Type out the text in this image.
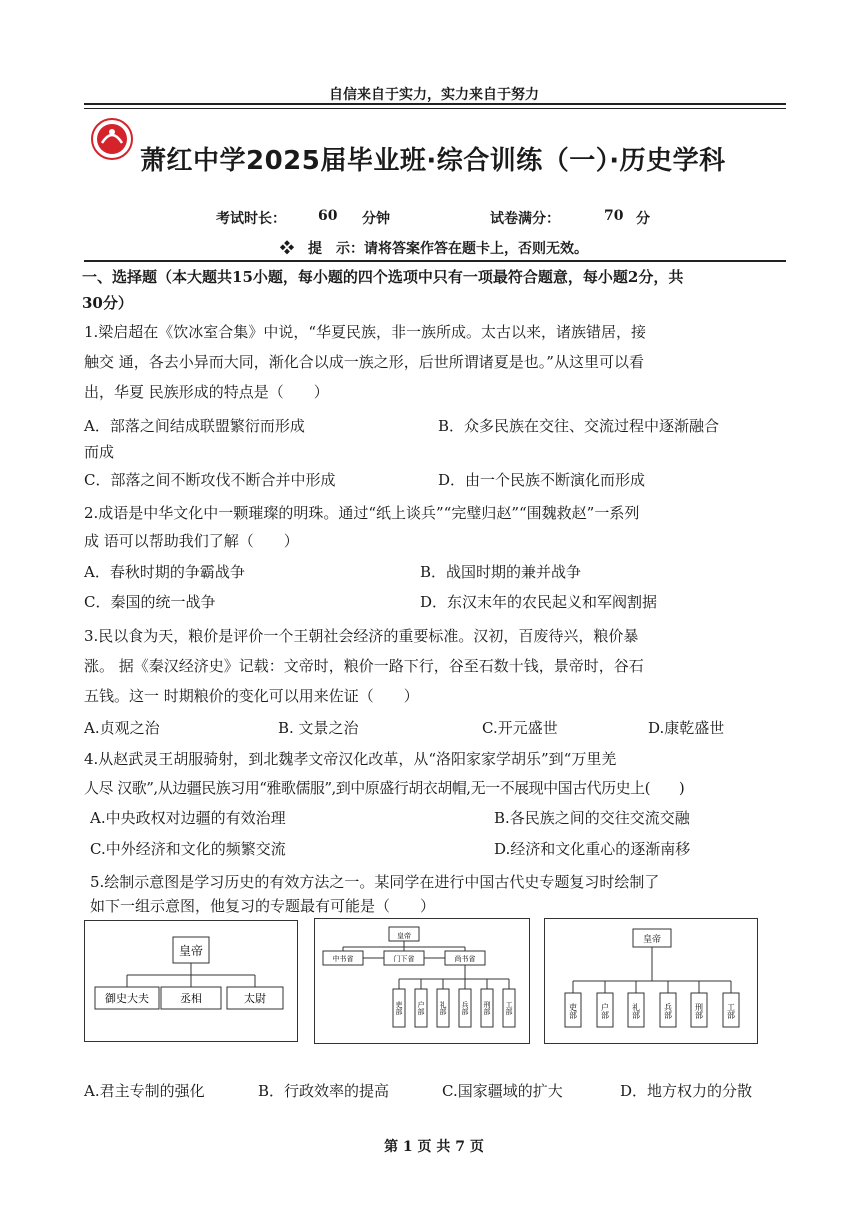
自信来自于实力，实力来自于努力
萧红中学2025届毕业班·综合训练（一）·历史学科
考试时长： 60 分钟	试卷满分：	70 分
❖　提　示：请将答案作答在题卡上，否则无效。
一、选择题（本大题共15小题，每小题的四个选项中只有一项最符合题意，每小题2分，共
30分）
1.梁启超在《饮冰室合集》中说，“华夏民族，非一族所成。太古以来，诸族错居，接
触交 通，各去小异而大同，渐化合以成一族之形，后世所谓诸夏是也。”从这里可以看
出，华夏 民族形成的特点是（　　）
A．部落之间结成联盟繁衍而形成	B．众多民族在交往、交流过程中逐渐融合
而成
C．部落之间不断攻伐不断合并中形成	D．由一个民族不断演化而形成
2.成语是中华文化中一颗璀璨的明珠。通过“纸上谈兵”“完璧归赵”“围魏救赵”一系列
成 语可以帮助我们了解（　　）
A．春秋时期的争霸战争	B．战国时期的兼并战争
C．秦国的统一战争	D．东汉末年的农民起义和军阀割据
3.民以食为天，粮价是评价一个王朝社会经济的重要标准。汉初，百废待兴，粮价暴
涨。 据《秦汉经济史》记载：文帝时，粮价一路下行，谷至石数十钱，景帝时，谷石
五钱。这一 时期粮价的变化可以用来佐证（　　）
A.贞观之治	B. 文景之治	C.开元盛世	D.康乾盛世
4.从赵武灵王胡服骑射，到北魏孝文帝汉化改革，从“洛阳家家学胡乐”到“万里羌
人尽 汉歌”,从边疆民族习用“雅歌儒服”,到中原盛行胡衣胡帽,无一不展现中国古代历史上(　　)
A.中央政权对边疆的有效治理	B.各民族之间的交往交流交融
C.中外经济和文化的频繁交流	D.经济和文化重心的逐渐南移
5.绘制示意图是学习历史的有效方法之一。某同学在进行中国古代史专题复习时绘制了
如下一组示意图，他复习的专题最有可能是（　　）
皇帝
御史大夫	丞相	太尉
皇帝
中书省	门下省	尚书省
吏部 户部 礼部 兵部 刑部 工部
皇帝
吏部	户部	礼部	兵部	刑部	工部
A.君主专制的强化	B．行政效率的提高	C.国家疆域的扩大	D．地方权力的分散
第 1 页 共 7 页
